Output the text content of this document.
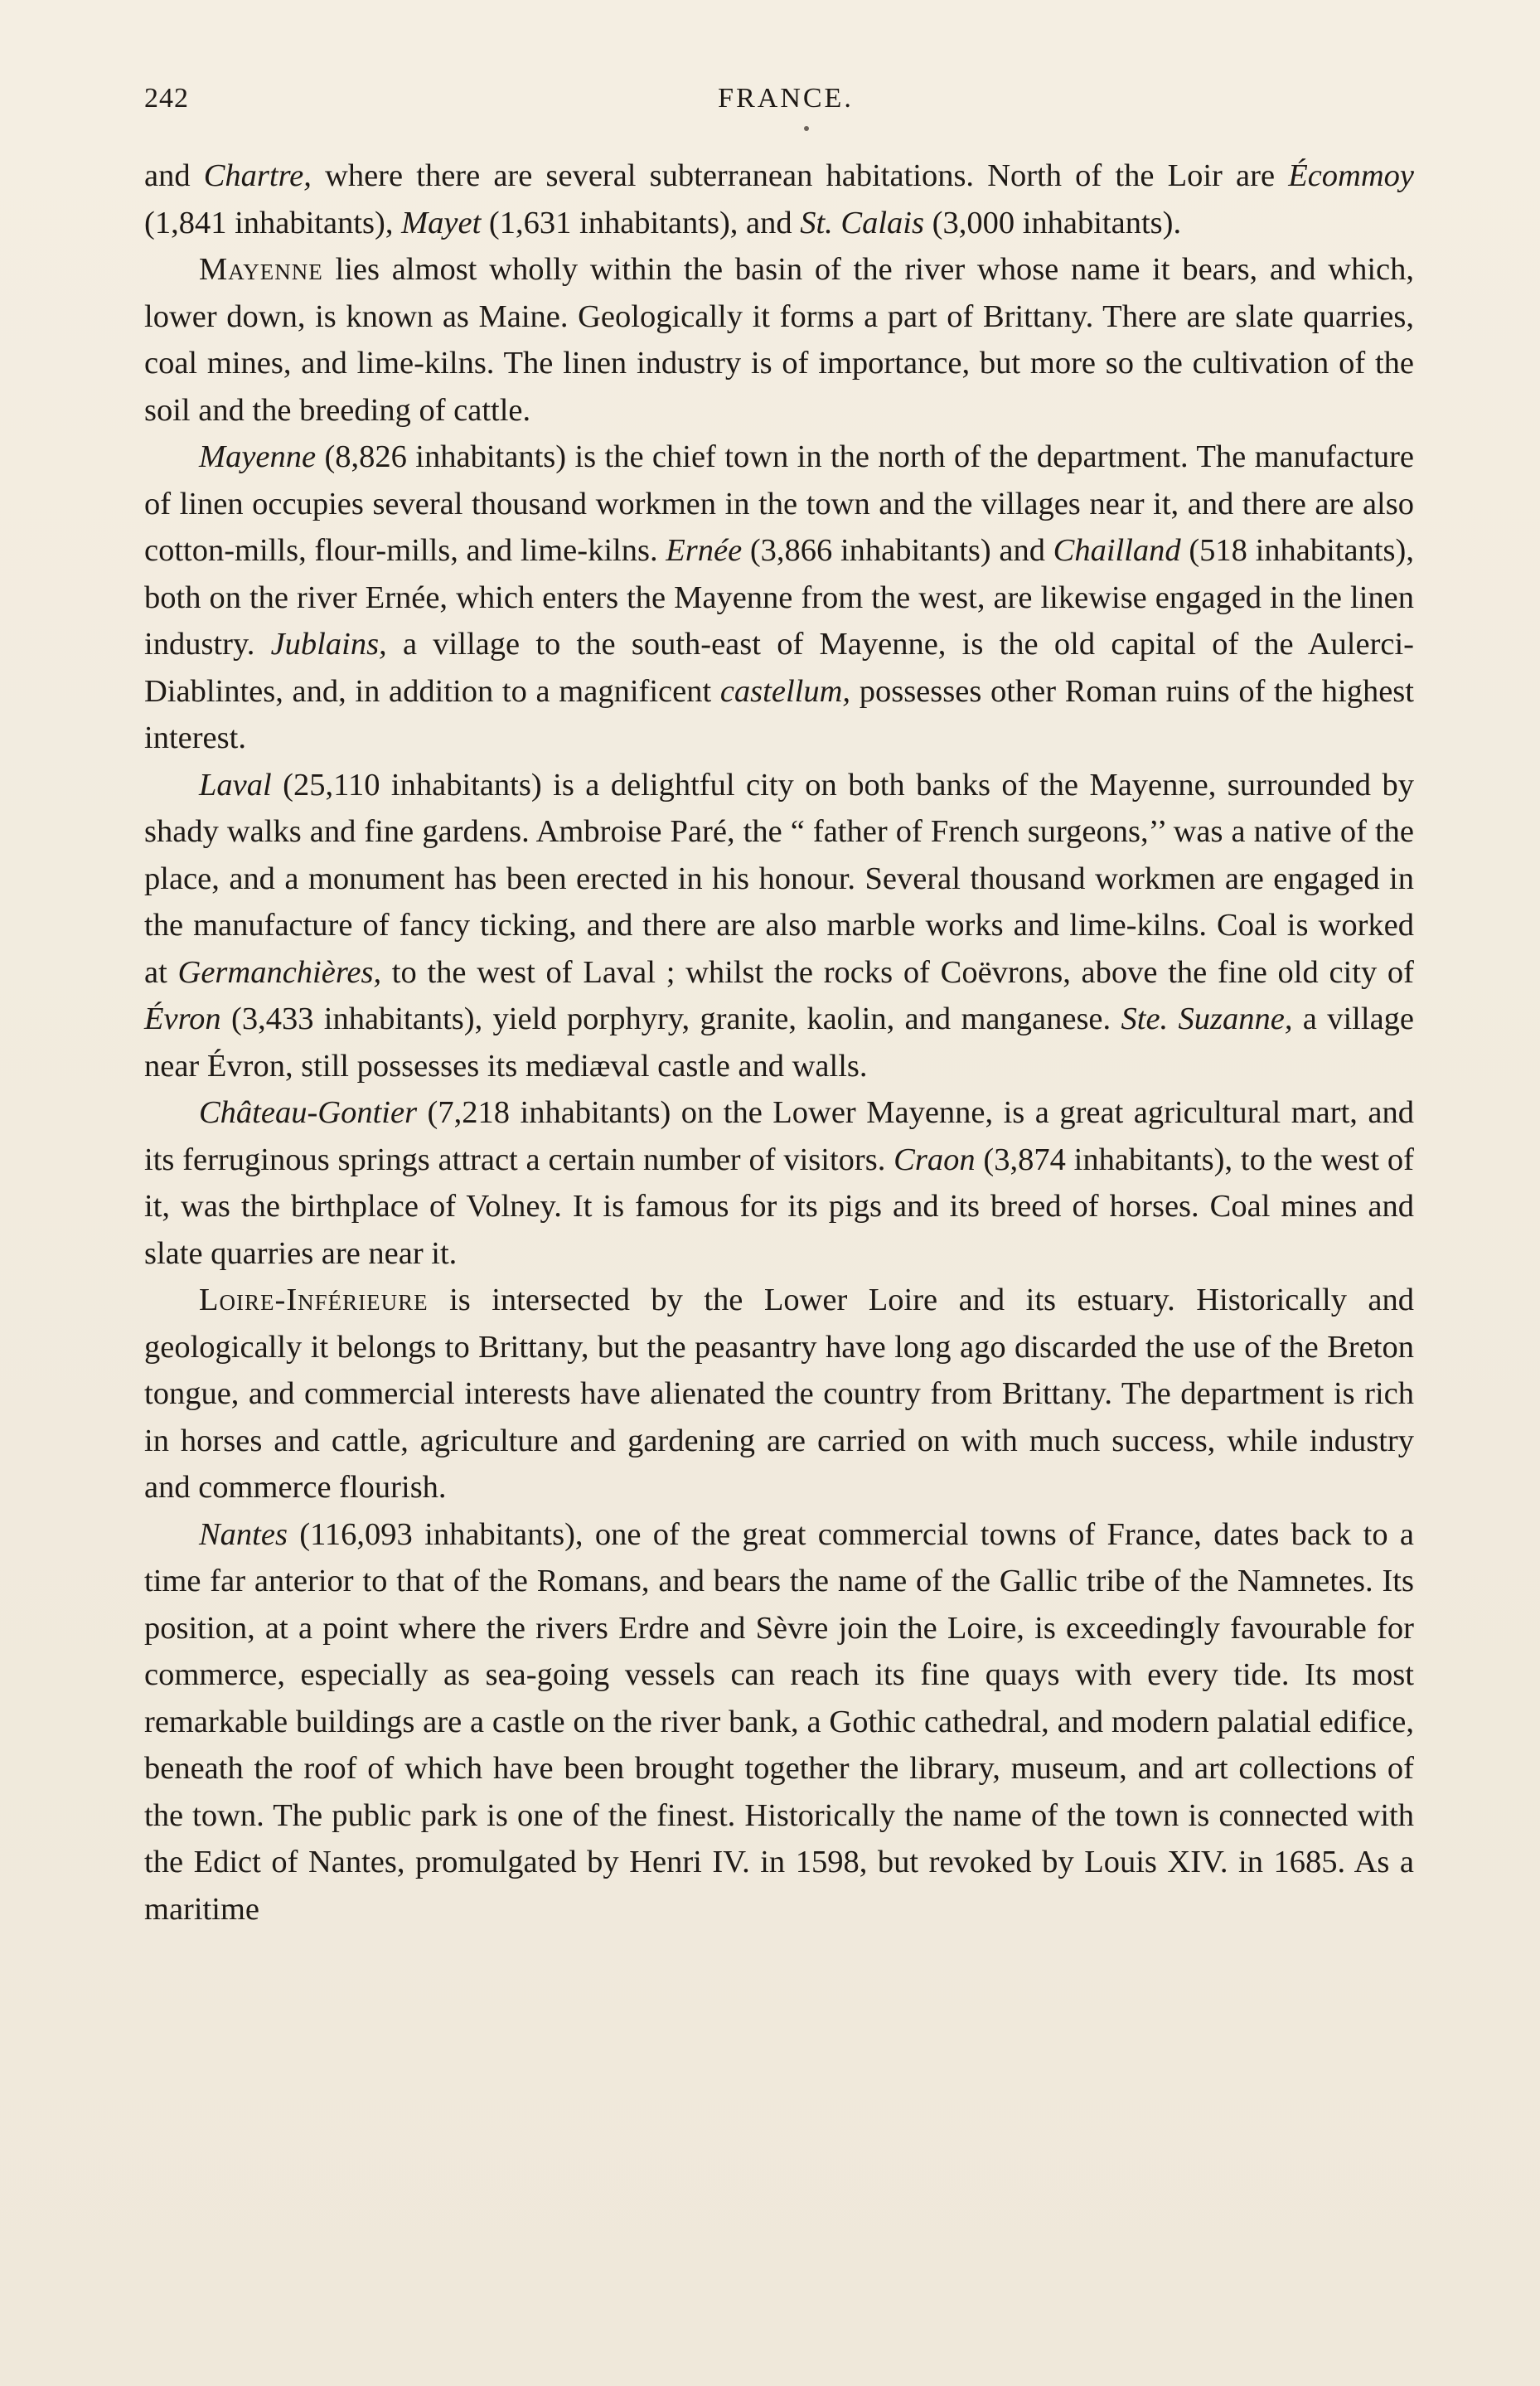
242	FRANCE.

and Chartre, where there are several subterranean habitations. North of the Loir are Écommoy (1,841 inhabitants), Mayet (1,631 inhabitants), and St. Calais (3,000 inhabitants).

Mayenne lies almost wholly within the basin of the river whose name it bears, and which, lower down, is known as Maine. Geologically it forms a part of Brittany. There are slate quarries, coal mines, and lime-kilns. The linen industry is of importance, but more so the cultivation of the soil and the breeding of cattle.

Mayenne (8,826 inhabitants) is the chief town in the north of the department. The manufacture of linen occupies several thousand workmen in the town and the villages near it, and there are also cotton-mills, flour-mills, and lime-kilns. Ernée (3,866 inhabitants) and Chailland (518 inhabitants), both on the river Ernée, which enters the Mayenne from the west, are likewise engaged in the linen industry. Jublains, a village to the south-east of Mayenne, is the old capital of the Aulerci-Diablintes, and, in addition to a magnificent castellum, possesses other Roman ruins of the highest interest.

Laval (25,110 inhabitants) is a delightful city on both banks of the Mayenne, surrounded by shady walks and fine gardens. Ambroise Paré, the “ father of French surgeons,’’ was a native of the place, and a monument has been erected in his honour. Several thousand workmen are engaged in the manufacture of fancy ticking, and there are also marble works and lime-kilns. Coal is worked at Germanchières, to the west of Laval ; whilst the rocks of Coëvrons, above the fine old city of Évron (3,433 inhabitants), yield porphyry, granite, kaolin, and manganese. Ste. Suzanne, a village near Évron, still possesses its mediæval castle and walls.

Château-Gontier (7,218 inhabitants) on the Lower Mayenne, is a great agricultural mart, and its ferruginous springs attract a certain number of visitors. Craon (3,874 inhabitants), to the west of it, was the birthplace of Volney. It is famous for its pigs and its breed of horses. Coal mines and slate quarries are near it.

Loire-Inférieure is intersected by the Lower Loire and its estuary. Historically and geologically it belongs to Brittany, but the peasantry have long ago discarded the use of the Breton tongue, and commercial interests have alienated the country from Brittany. The department is rich in horses and cattle, agriculture and gardening are carried on with much success, while industry and commerce flourish.

Nantes (116,093 inhabitants), one of the great commercial towns of France, dates back to a time far anterior to that of the Romans, and bears the name of the Gallic tribe of the Namnetes. Its position, at a point where the rivers Erdre and Sèvre join the Loire, is exceedingly favourable for commerce, especially as sea-going vessels can reach its fine quays with every tide. Its most remarkable buildings are a castle on the river bank, a Gothic cathedral, and modern palatial edifice, beneath the roof of which have been brought together the library, museum, and art collections of the town. The public park is one of the finest. Historically the name of the town is connected with the Edict of Nantes, promulgated by Henri IV. in 1598, but revoked by Louis XIV. in 1685. As a maritime
